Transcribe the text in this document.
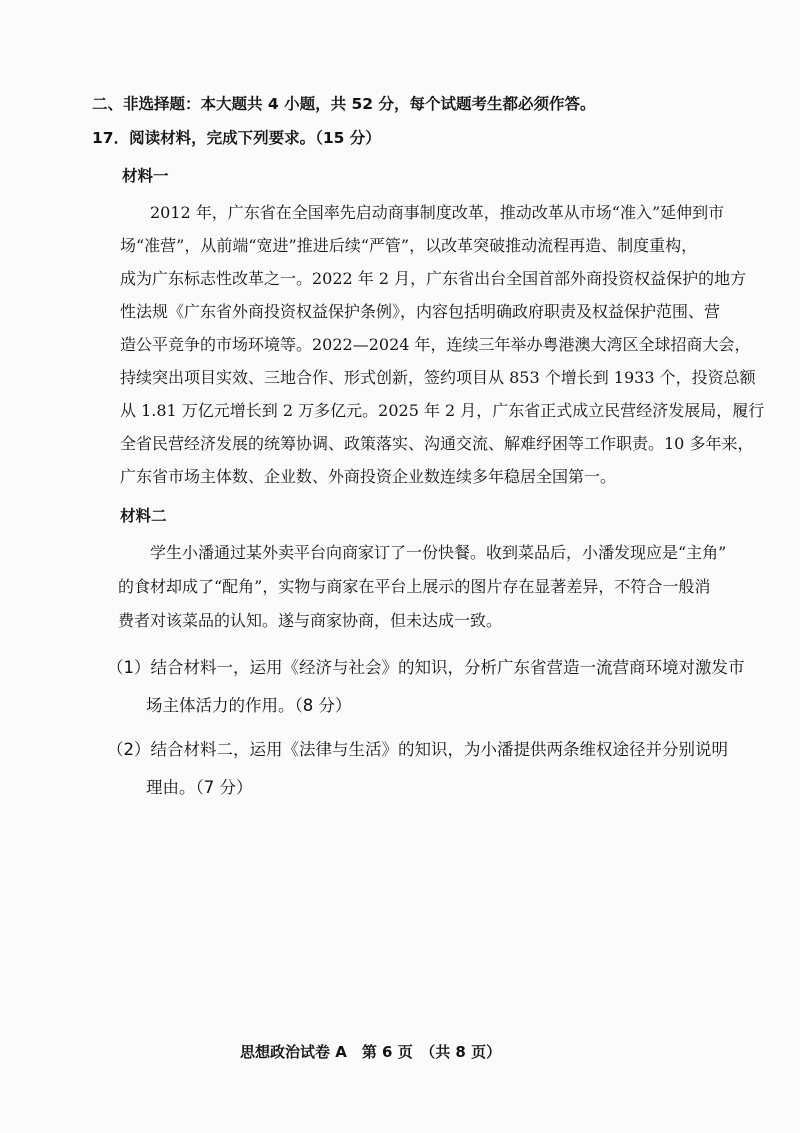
二、非选择题：本大题共 4 小题，共 52 分，每个试题考生都必须作答。
17．阅读材料，完成下列要求。（15 分）
材料一
2012 年，广东省在全国率先启动商事制度改革，推动改革从市场“准入”延伸到市
场“准营”，从前端“宽进”推进后续“严管”，以改革突破推动流程再造、制度重构，
成为广东标志性改革之一。2022 年 2 月，广东省出台全国首部外商投资权益保护的地方
性法规《广东省外商投资权益保护条例》，内容包括明确政府职责及权益保护范围、营
造公平竞争的市场环境等。2022—2024 年，连续三年举办粤港澳大湾区全球招商大会，
持续突出项目实效、三地合作、形式创新，签约项目从 853 个增长到 1933 个，投资总额
从 1.81 万亿元增长到 2 万多亿元。2025 年 2 月，广东省正式成立民营经济发展局，履行
全省民营经济发展的统筹协调、政策落实、沟通交流、解难纾困等工作职责。10 多年来，
广东省市场主体数、企业数、外商投资企业数连续多年稳居全国第一。
材料二
学生小潘通过某外卖平台向商家订了一份快餐。收到菜品后，小潘发现应是“主角”
的食材却成了“配角”，实物与商家在平台上展示的图片存在显著差异，不符合一般消
费者对该菜品的认知。遂与商家协商，但未达成一致。
（1）结合材料一，运用《经济与社会》的知识，分析广东省营造一流营商环境对激发市
场主体活力的作用。（8 分）
（2）结合材料二，运用《法律与生活》的知识，为小潘提供两条维权途径并分别说明
理由。（7 分）
思想政治试卷 A　第 6 页　（共 8 页）
